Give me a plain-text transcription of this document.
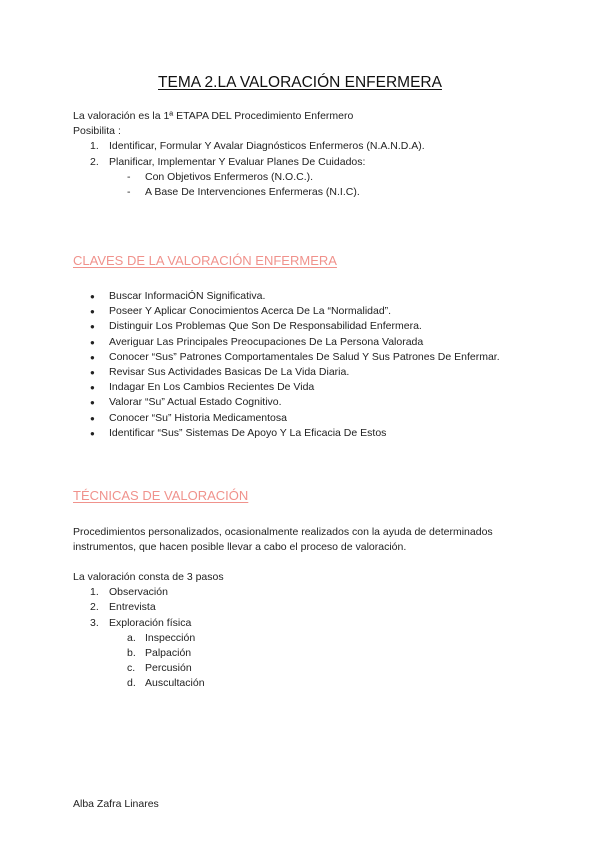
TEMA 2.LA VALORACIÓN ENFERMERA
La valoración es la 1ª ETAPA DEL Procedimiento Enfermero
Posibilita :
1. Identificar, Formular Y Avalar Diagnósticos Enfermeros (N.A.N.D.A).
2. Planificar, Implementar Y Evaluar Planes De Cuidados:
- Con Objetivos Enfermeros (N.O.C.).
- A Base De Intervenciones Enfermeras (N.I.C).
CLAVES DE LA VALORACIÓN ENFERMERA
● Buscar InformaciÓN Significativa.
● Poseer Y Aplicar Conocimientos Acerca De La “Normalidad”.
● Distinguir Los Problemas Que Son De Responsabilidad Enfermera.
● Averiguar Las Principales Preocupaciones De La Persona Valorada
● Conocer “Sus” Patrones Comportamentales De Salud Y Sus Patrones De Enfermar.
● Revisar Sus Actividades Basicas De La Vida Diaria.
● Indagar En Los Cambios Recientes De Vida
● Valorar “Su” Actual Estado Cognitivo.
● Conocer “Su” Historia Medicamentosa
● Identificar “Sus” Sistemas De Apoyo Y La Eficacia De Estos
TÉCNICAS DE VALORACIÓN
Procedimientos personalizados, ocasionalmente realizados con la ayuda de determinados
instrumentos, que hacen posible llevar a cabo el proceso de valoración.
La valoración consta de 3 pasos
1. Observación
2. Entrevista
3. Exploración física
a. Inspección
b. Palpación
c. Percusión
d. Auscultación
Alba Zafra Linares
